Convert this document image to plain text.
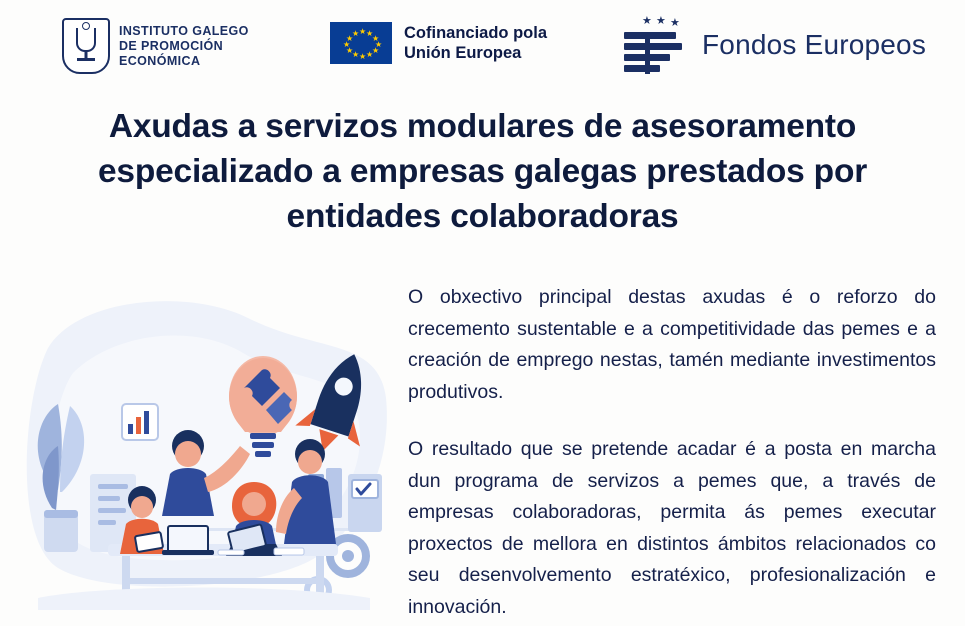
INSTITUTO GALEGO
DE PROMOCIÓN
ECONÓMICA
★
★ ★
★ ★
★	★
★ ★
★ ★
★
Cofinanciado pola
Unión Europea
★ ★ ★
Fondos Europeos
Axudas a servizos modulares de asesoramento especializado a empresas galegas prestados por entidades colaboradoras

O obxectivo principal destas axudas é o reforzo do crecemento sustentable e a competitividade das pemes e a creación de emprego nestas, tamén mediante investimentos produtivos.

O resultado que se pretende acadar é a posta en marcha dun programa de servizos a pemes que, a través de empresas colaboradoras, permita ás pemes executar proxectos de mellora en distintos ámbitos relacionados co seu desenvolvemento estratéxico, profesionalización e innovación.
